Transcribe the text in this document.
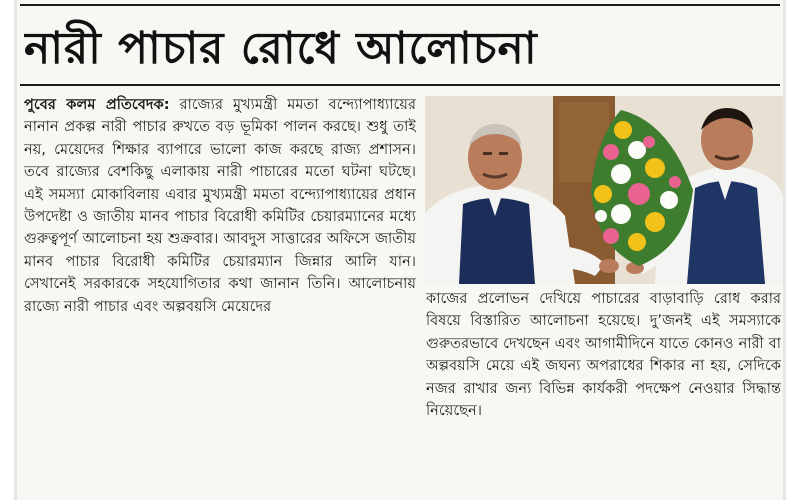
নারী পাচার রোধে আলোচনা
পুবের কলম প্রতিবেদক: রাজ্যের মুখ্যমন্ত্রী মমতা বন্দ্যোপাধ্যায়ের নানান প্রকল্প নারী পাচার রুখতে বড় ভূমিকা পালন করছে। শুধু তাই নয়, মেয়েদের শিক্ষার ব্যাপারে ভালো কাজ করছে রাজ্য প্রশাসন। তবে রাজ্যের বেশকিছু এলাকায় নারী পাচারের মতো ঘটনা ঘটছে। এই সমস্যা মোকাবিলায় এবার মুখ্যমন্ত্রী মমতা বন্দ্যোপাধ্যায়ের প্রধান উপদেষ্টা ও জাতীয় মানব পাচার বিরোধী কমিটির চেয়ারম্যানের মধ্যে গুরুত্বপূর্ণ আলোচনা হয় শুক্রবার। আবদুস সাত্তারের অফিসে জাতীয় মানব পাচার বিরোধী কমিটির চেয়ারম্যান জিন্নার আলি যান। সেখানেই সরকারকে সহযোগিতার কথা জানান তিনি। আলোচনায় রাজ্যে নারী পাচার এবং অল্পবয়সি মেয়েদের	কাজের প্রলোভন দেখিয়ে পাচারের বাড়াবাড়ি রোধ করার বিষয়ে বিস্তারিত আলোচনা হয়েছে। দু’জনই এই সমস্যাকে গুরুতরভাবে দেখছেন এবং আগামীদিনে যাতে কোনও নারী বা অল্পবয়সি মেয়ে এই জঘন্য অপরাধের শিকার না হয়, সেদিকে নজর রাখার জন্য বিভিন্ন কার্যকরী পদক্ষেপ নেওয়ার সিদ্ধান্ত নিয়েছেন।
